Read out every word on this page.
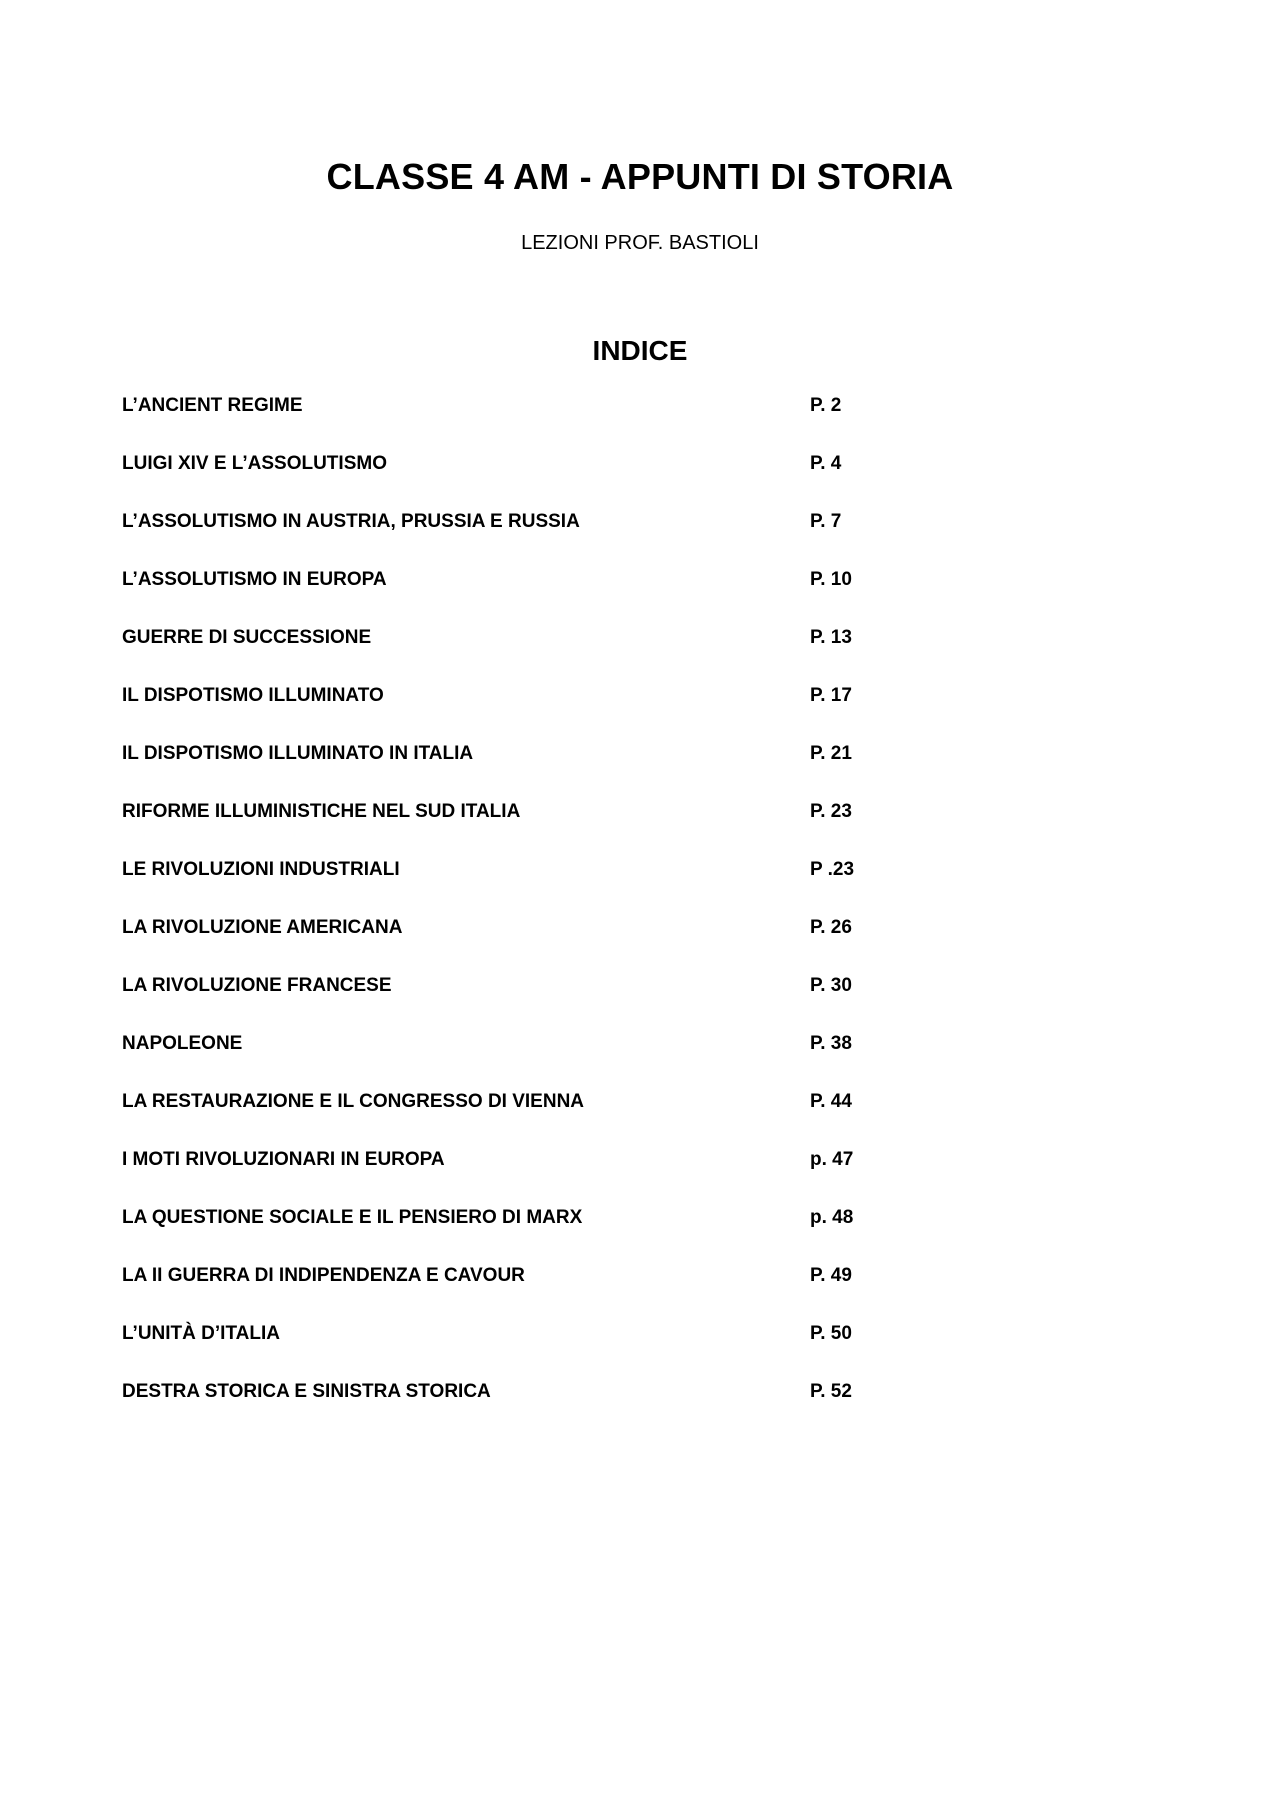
CLASSE 4 AM - APPUNTI DI STORIA

LEZIONI PROF. BASTIOLI

INDICE
L’ANCIENT REGIME	P. 2
LUIGI XIV E L’ASSOLUTISMO	P. 4
L’ASSOLUTISMO IN AUSTRIA, PRUSSIA E RUSSIA	P. 7
L’ASSOLUTISMO IN EUROPA	P. 10
GUERRE DI SUCCESSIONE	P. 13
IL DISPOTISMO ILLUMINATO	P. 17
IL DISPOTISMO ILLUMINATO IN ITALIA	P. 21
RIFORME ILLUMINISTICHE NEL SUD ITALIA	P. 23
LE RIVOLUZIONI INDUSTRIALI	P .23
LA RIVOLUZIONE AMERICANA	P. 26
LA RIVOLUZIONE FRANCESE	P. 30
NAPOLEONE	P. 38
LA RESTAURAZIONE E IL CONGRESSO DI VIENNA	P. 44
I MOTI RIVOLUZIONARI IN EUROPA	p. 47
LA QUESTIONE SOCIALE E IL PENSIERO DI MARX	p. 48
LA II GUERRA DI INDIPENDENZA E CAVOUR	P. 49
L’UNITÀ D’ITALIA	P. 50
DESTRA STORICA E SINISTRA STORICA	P. 52
